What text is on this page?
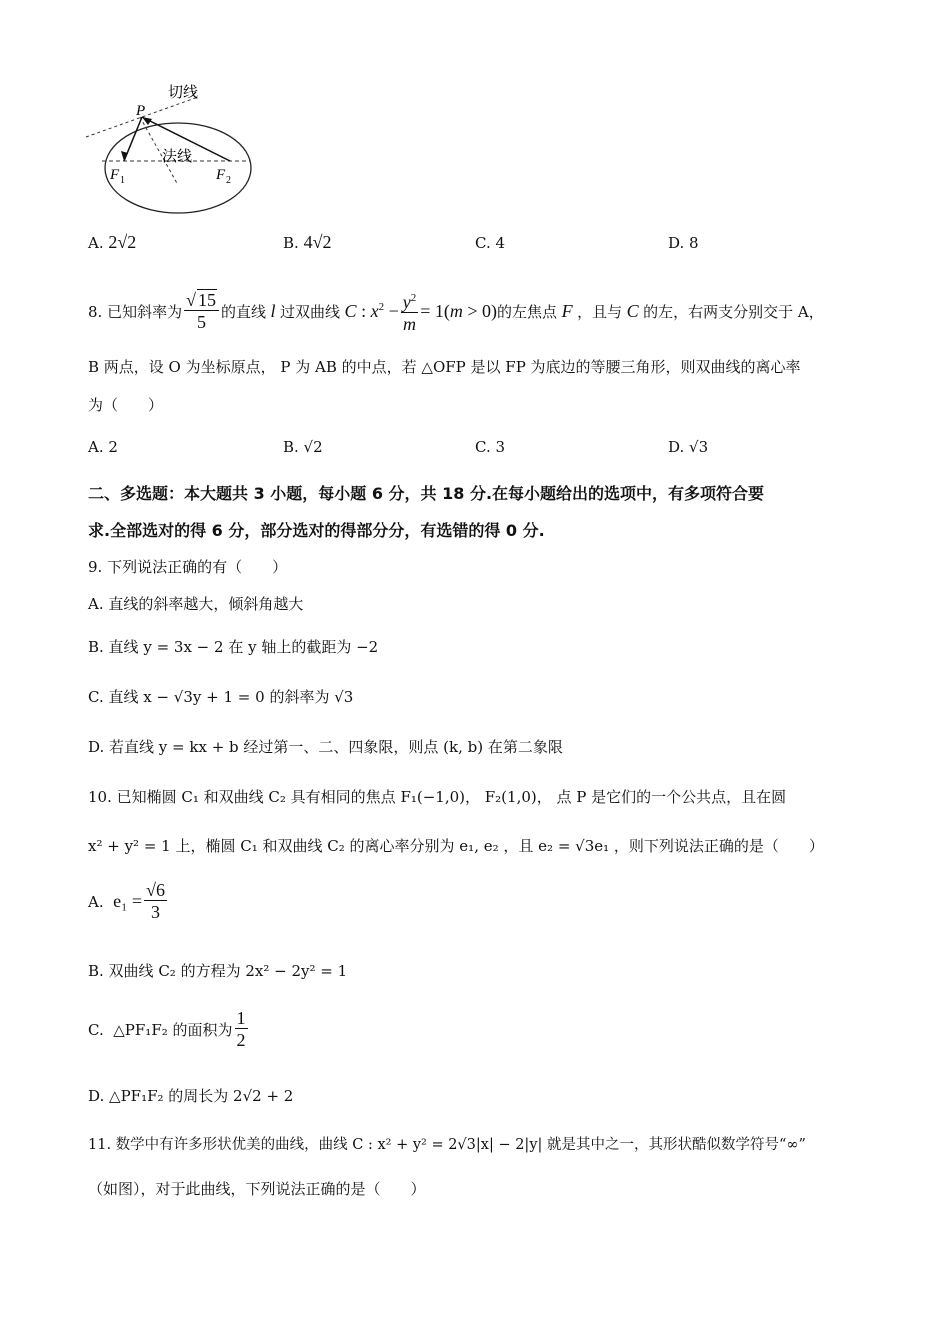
切线
法线
P
F 1	F 2
A. 2√2	B. 4√2	C. 4	D. 8
8.
已知斜率为 $\frac{√ 15}{5}$ 的直线 l 过双曲线 C : $x^2 - \frac{y^2}{m} = 1(m > 0)$ 的左焦点 F ，且与 C 的左，右两支分别交于 A，
B 两点，设 O 为坐标原点， P 为 AB 的中点，若 △OFP 是以 FP 为底边的等腰三角形，则双曲线的离心率
为（　　）
A. 2	B. √2	C. 3	D. √3
二、多选题：本大题共 3 小题，每小题 6 分，共 18 分.在每小题给出的选项中，有多项符合要
求.全部选对的得 6 分，部分选对的得部分分，有选错的得 0 分.
9. 下列说法正确的有（　　）
A. 直线的斜率越大，倾斜角越大
B. 直线 y = 3x − 2 在 y 轴上的截距为 −2
C. 直线 x − √3y + 1 = 0 的斜率为 √3
D. 若直线 y = kx + b 经过第一、二、四象限，则点 (k, b) 在第二象限
10. 已知椭圆 C₁ 和双曲线 C₂ 具有相同的焦点 F₁(−1,0)， F₂(1,0)， 点 P 是它们的一个公共点，且在圆
x² + y² = 1 上，椭圆 C₁ 和双曲线 C₂ 的离心率分别为 e₁, e₂ ，且 e₂ = √3e₁ ，则下列说法正确的是（　　）
A.
$e_1 = \frac{√6}{3}$
B. 双曲线 C₂ 的方程为 2x² − 2y² = 1
C.
△PF₁F₂ 的面积为 $\frac{1}{2}$
D. △PF₁F₂ 的周长为 2√2 + 2
11. 数学中有许多形状优美的曲线，曲线 C : x² + y² = 2√3|x| − 2|y| 就是其中之一，其形状酷似数学符号“∞”
（如图），对于此曲线，下列说法正确的是（　　）
